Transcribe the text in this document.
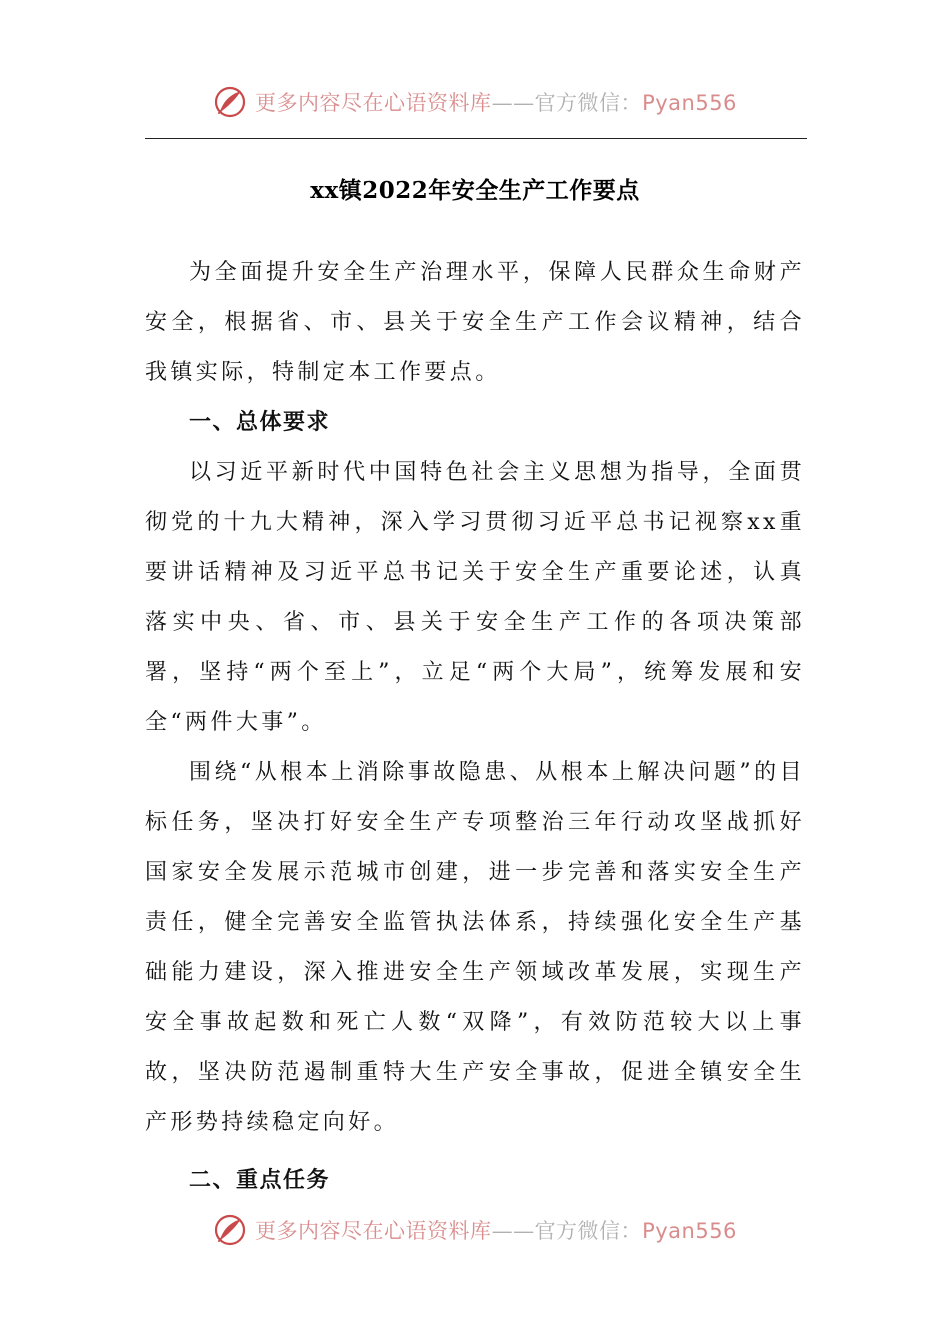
更多内容尽在心语资料库——官方微信：Pyan556
xx镇2022年安全生产工作要点

为全面提升安全生产治理水平，保障人民群众生命财产安全，根据省、市、县关于安全生产工作会议精神，结合我镇实际，特制定本工作要点。

一、总体要求

以习近平新时代中国特色社会主义思想为指导，全面贯彻党的十九大精神，深入学习贯彻习近平总书记视察xx重要讲话精神及习近平总书记关于安全生产重要论述，认真落实中央、省、市、县关于安全生产工作的各项决策部署，坚持“两个至上”，立足“两个大局”，统筹发展和安全“两件大事”。

围绕“从根本上消除事故隐患、从根本上解决问题”的目标任务，坚决打好安全生产专项整治三年行动攻坚战抓好国家安全发展示范城市创建，进一步完善和落实安全生产责任，健全完善安全监管执法体系，持续强化安全生产基础能力建设，深入推进安全生产领域改革发展，实现生产安全事故起数和死亡人数“双降”，有效防范较大以上事故，坚决防范遏制重特大生产安全事故，促进全镇安全生产形势持续稳定向好。

二、重点任务

更多内容尽在心语资料库——官方微信：Pyan556
